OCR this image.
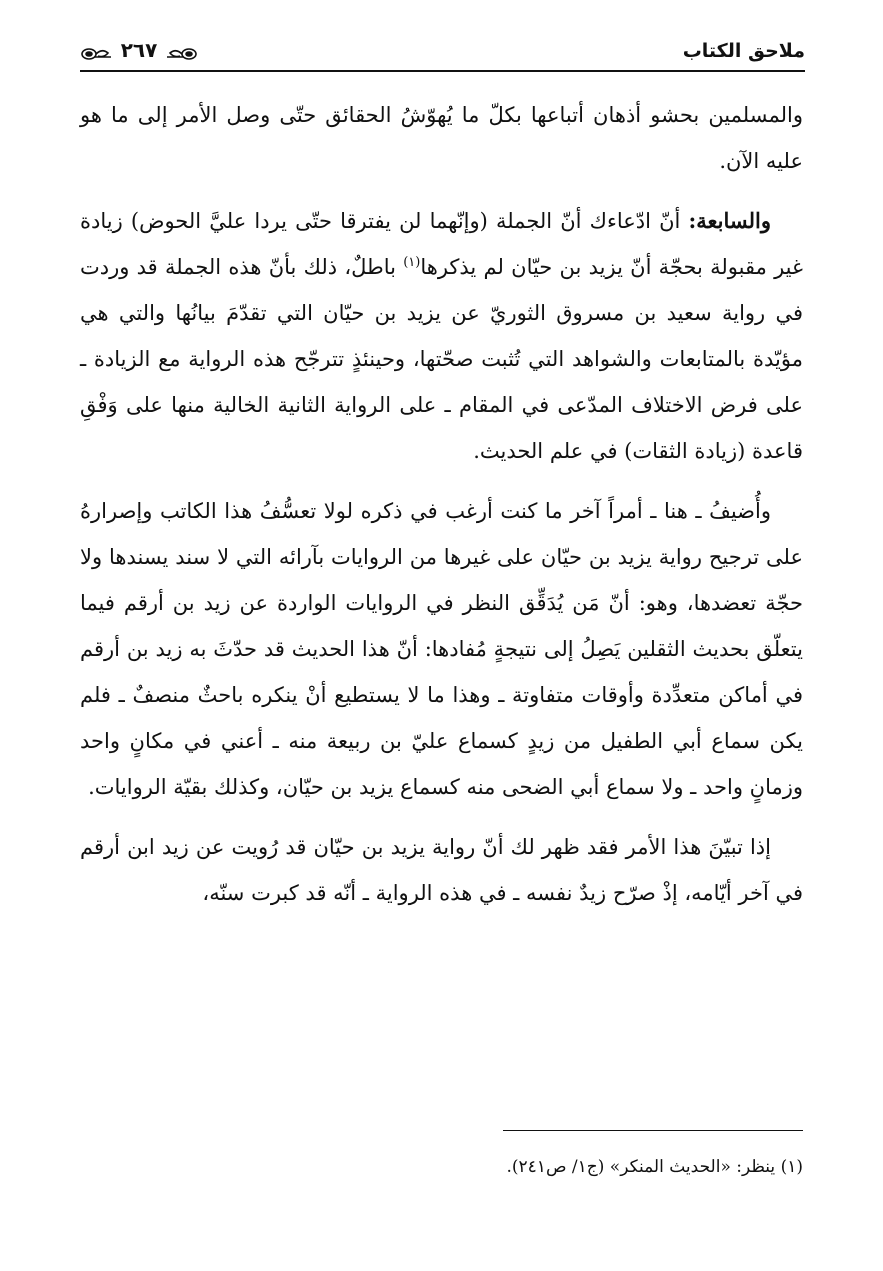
ملاحق الكتاب
٢٦٧

والمسلمين بحشو أذهان أتباعها بكلّ ما يُهوّشُ الحقائق حتّى وصل الأمر إلى ما هو عليه الآن.

والسابعة: أنّ ادّعاءك أنّ الجملة (وإنّهما لن يفترقا حتّى يردا عليَّ الحوض) زيادة غير مقبولة بحجّة أنّ يزيد بن حيّان لم يذكرها$^{(١)}$ باطلٌ، ذلك بأنّ هذه الجملة قد وردت في رواية سعيد بن مسروق الثوريّ عن يزيد بن حيّان التي تقدّمَ بيانُها والتي هي مؤيّدة بالمتابعات والشواهد التي تُثبت صحّتها، وحينئذٍ تترجّح هذه الرواية مع الزيادة ـ على فرض الاختلاف المدّعى في المقام ـ على الرواية الثانية الخالية منها على وَفْقِ قاعدة (زيادة الثقات) في علم الحديث.

وأُضيفُ ـ هنا ـ أمراً آخر ما كنت أرغب في ذكره لولا تعسُّفُ هذا الكاتب وإصرارهُ على ترجيح رواية يزيد بن حيّان على غيرها من الروايات بآرائه التي لا سند يسندها ولا حجّة تعضدها، وهو: أنّ مَن يُدَقِّق النظر في الروايات الواردة عن زيد بن أرقم فيما يتعلّق بحديث الثقلين يَصِلُ إلى نتيجةٍ مُفادها: أنّ هذا الحديث قد حدّثَ به زيد بن أرقم في أماكن متعدِّدة وأوقات متفاوتة ـ وهذا ما لا يستطيع أنْ ينكره باحثٌ منصفٌ ـ فلم يكن سماع أبي الطفيل من زيدٍ كسماع عليّ بن ربيعة منه ـ أعني في مكانٍ واحد وزمانٍ واحد ـ ولا سماع أبي الضحى منه كسماع يزيد بن حيّان، وكذلك بقيّة الروايات.

إذا تبيّنَ هذا الأمر فقد ظهر لك أنّ رواية يزيد بن حيّان قد رُويت عن زيد ابن أرقم في آخر أيّامه، إذْ صرّح زيدٌ نفسه ـ في هذه الرواية ـ أنّه قد كبرت سنّه،

(١) ينظر: «الحديث المنكر» (ج١/ ص٢٤١).
